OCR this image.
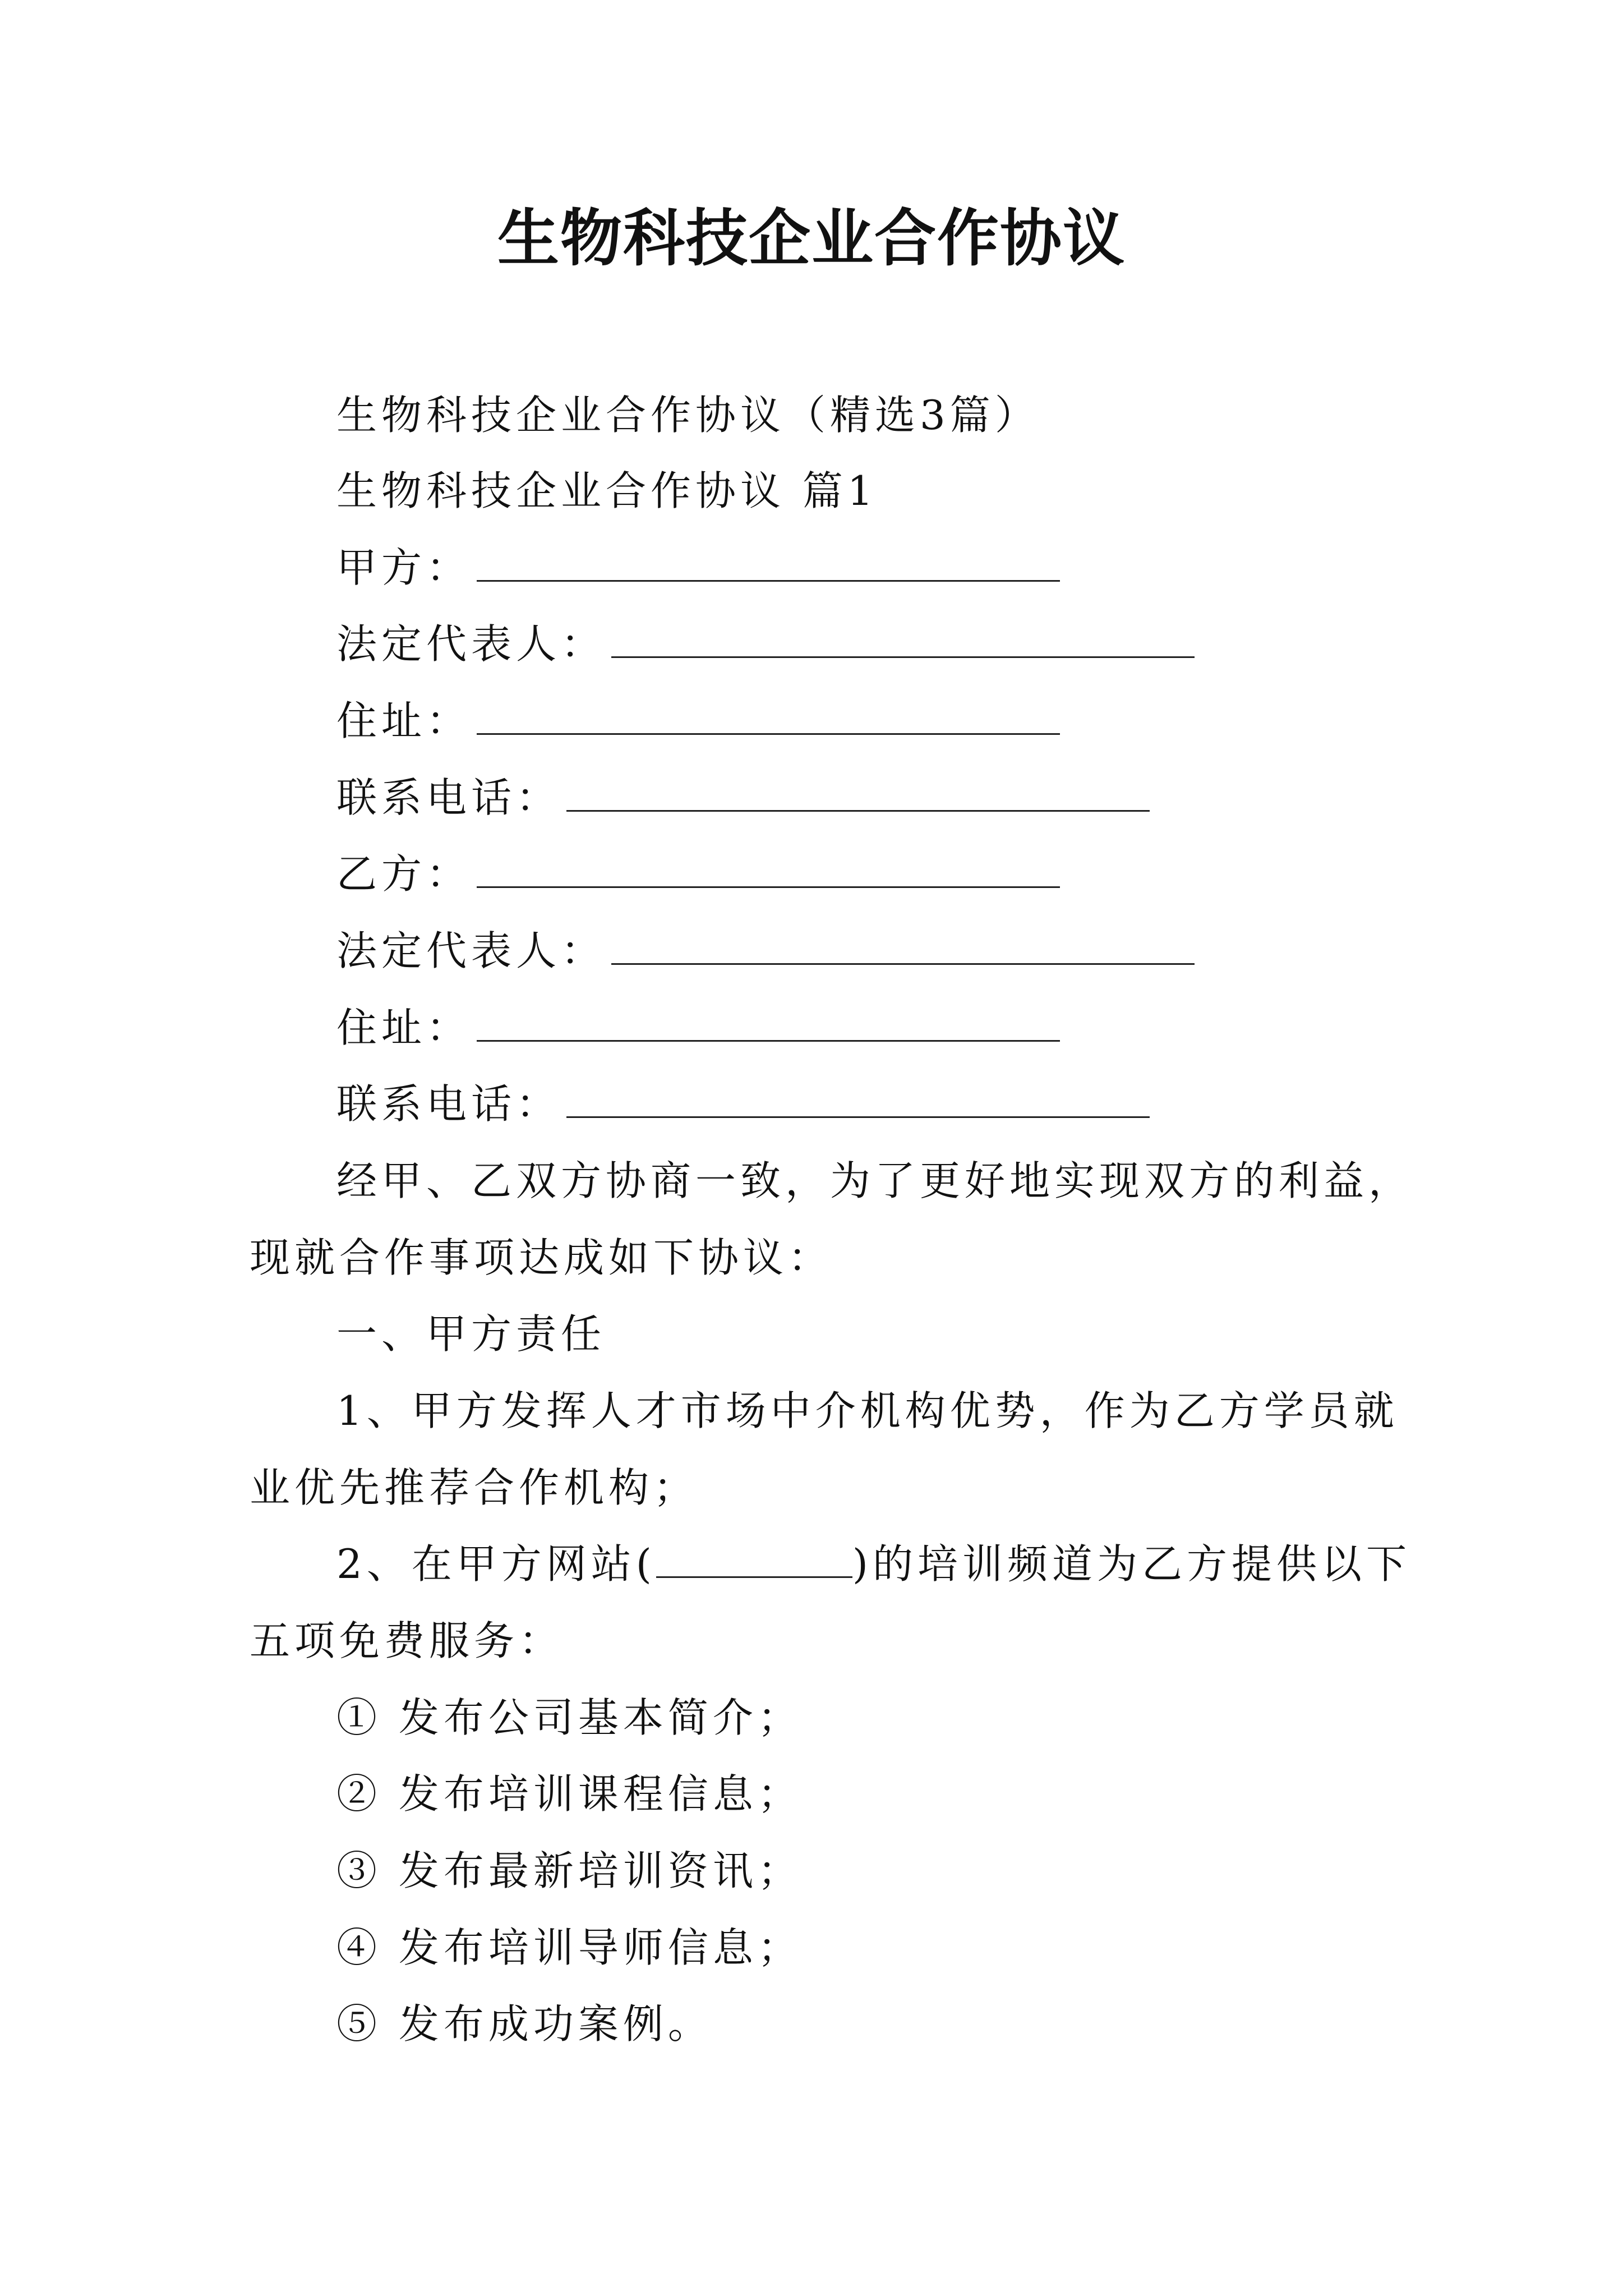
生物科技企业合作协议
生物科技企业合作协议（精选3篇）
生物科技企业合作协议 篇1
甲方：
法定代表人：
住址：
联系电话：
乙方：
法定代表人：
住址：
联系电话：
经甲、乙双方协商一致，为了更好地实现双方的利益，
现就合作事项达成如下协议：
一、甲方责任
1、甲方发挥人才市场中介机构优势，作为乙方学员就
业优先推荐合作机构；
2、在甲方网站(	)的培训频道为乙方提供以下
五项免费服务：
① 发布公司基本简介；
② 发布培训课程信息；
③ 发布最新培训资讯；
④ 发布培训导师信息；
⑤ 发布成功案例。
